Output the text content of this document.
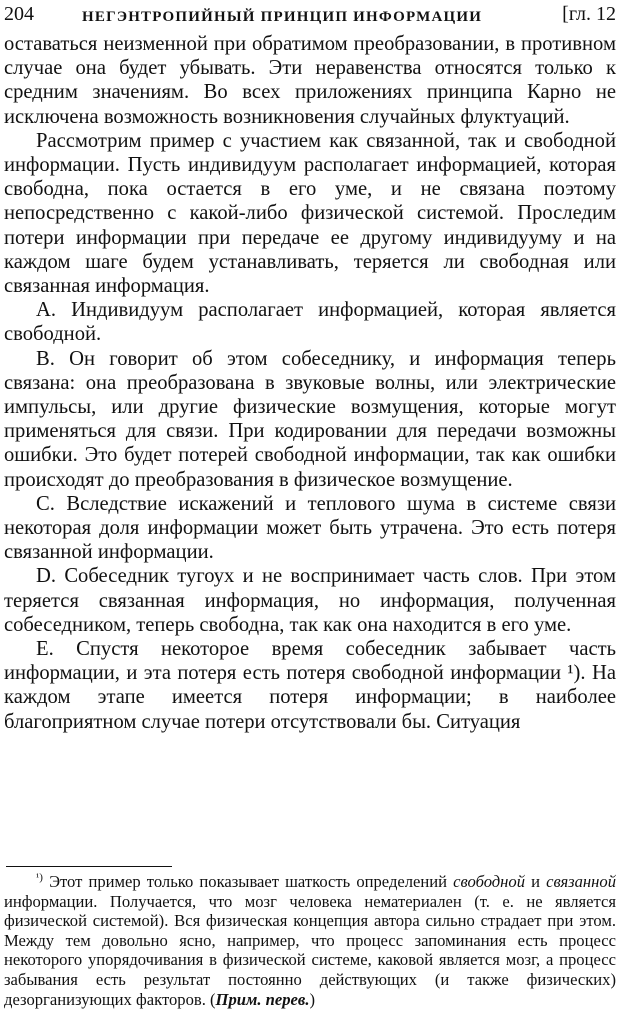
204	НЕГЭНТРОПИЙНЫЙ ПРИНЦИП ИНФОРМАЦИИ	[гл. 12

оставаться неизменной при обратимом преобразовании, в противном случае она будет убывать. Эти неравенства относятся только к средним значениям. Во всех приложениях принципа Карно не исключена возможность возникновения случайных флуктуаций.

Рассмотрим пример с участием как связанной, так и свободной информации. Пусть индивидуум располагает информацией, которая свободна, пока остается в его уме, и не связана поэтому непосредственно с какой-либо физической системой. Проследим потери информации при передаче ее другому индивидууму и на каждом шаге будем устанавливать, теряется ли свободная или связанная информация.

А. Индивидуум располагает информацией, которая является свободной.

В. Он говорит об этом собеседнику, и информация теперь связана: она преобразована в звуковые волны, или электрические импульсы, или другие физические возмущения, которые могут применяться для связи. При кодировании для передачи возможны ошибки. Это будет потерей свободной информации, так как ошибки происходят до преобразования в физическое возмущение.

С. Вследствие искажений и теплового шума в системе связи некоторая доля информации может быть утрачена. Это есть потеря связанной информации.

D. Собеседник тугоух и не воспринимает часть слов. При этом теряется связанная информация, но информация, полученная собеседником, теперь свободна, так как она находится в его уме.

Е. Спустя некоторое время собеседник забывает часть информации, и эта потеря есть потеря свободной информации ¹). На каждом этапе имеется потеря информации; в наиболее благоприятном случае потери отсутствовали бы. Ситуация

$^{^1)}$ Этот пример только показывает шаткость определений свободной и связанной информации. Получается, что мозг человека нематериален (т. е. не является физической системой). Вся физическая концепция автора сильно страдает при этом. Между тем довольно ясно, например, что процесс запоминания есть процесс некоторого упорядочивания в физической системе, каковой является мозг, а процесс забывания есть результат постоянно действующих (и также физических) дезорганизующих факторов. (Прим. перев.)
